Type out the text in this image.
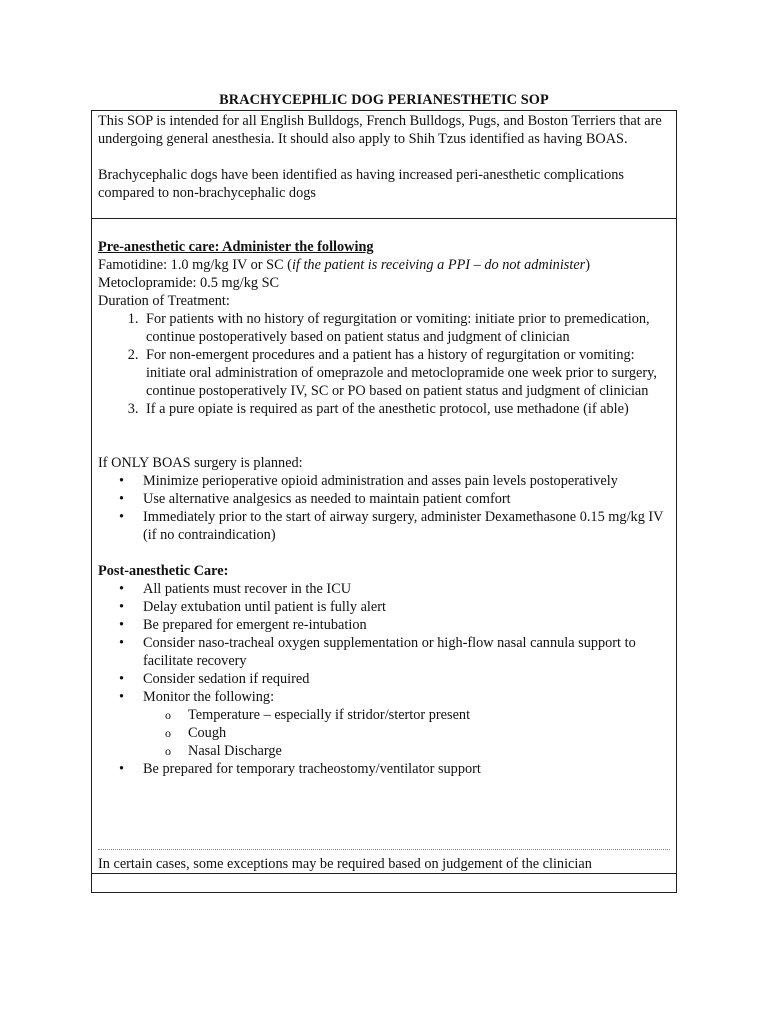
BRACHYCEPHLIC DOG PERIANESTHETIC SOP

This SOP is intended for all English Bulldogs, French Bulldogs, Pugs, and Boston Terriers that are undergoing general anesthesia. It should also apply to Shih Tzus identified as having BOAS.

Brachycephalic dogs have been identified as having increased peri-anesthetic complications compared to non-brachycephalic dogs

Pre-anesthetic care: Administer the following

Famotidine: 1.0 mg/kg IV or SC (if the patient is receiving a PPI – do not administer)

Metoclopramide: 0.5 mg/kg SC

Duration of Treatment:

1. For patients with no history of regurgitation or vomiting: initiate prior to premedication, continue postoperatively based on patient status and judgment of clinician
2. For non-emergent procedures and a patient has a history of regurgitation or vomiting: initiate oral administration of omeprazole and metoclopramide one week prior to surgery, continue postoperatively IV, SC or PO based on patient status and judgment of clinician
3. If a pure opiate is required as part of the anesthetic protocol, use methadone (if able)

If ONLY BOAS surgery is planned:

• Minimize perioperative opioid administration and asses pain levels postoperatively
• Use alternative analgesics as needed to maintain patient comfort
• Immediately prior to the start of airway surgery, administer Dexamethasone 0.15 mg/kg IV (if no contraindication)

Post-anesthetic Care:

• All patients must recover in the ICU
• Delay extubation until patient is fully alert
• Be prepared for emergent re-intubation
• Consider naso-tracheal oxygen supplementation or high-flow nasal cannula support to facilitate recovery
• Consider sedation if required
• Monitor the following:
o Temperature – especially if stridor/stertor present
o Cough
o Nasal Discharge
• Be prepared for temporary tracheostomy/ventilator support
In certain cases, some exceptions may be required based on judgement of the clinician
